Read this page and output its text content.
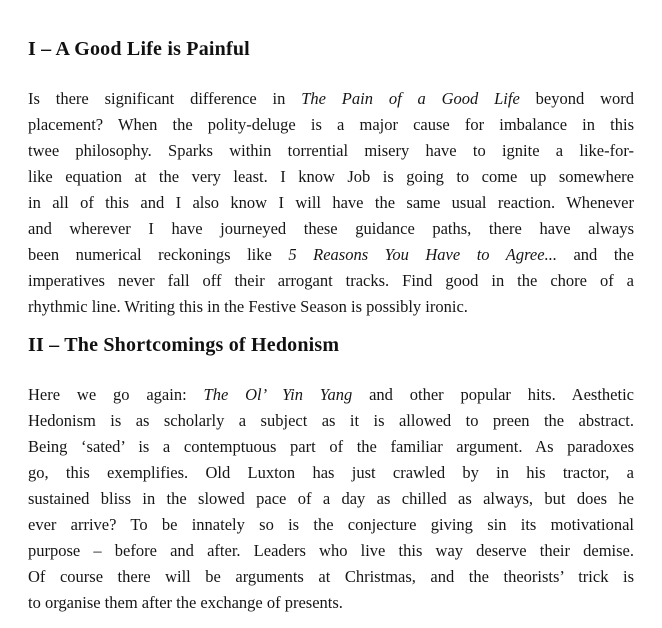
I – A Good Life is Painful
Is there significant difference in The Pain of a Good Life beyond word
placement? When the polity-deluge is a major cause for imbalance in this
twee philosophy. Sparks within torrential misery have to ignite a like-for-
like equation at the very least. I know Job is going to come up somewhere
in all of this and I also know I will have the same usual reaction. Whenever
and wherever I have journeyed these guidance paths, there have always
been numerical reckonings like 5 Reasons You Have to Agree... and the
imperatives never fall off their arrogant tracks. Find good in the chore of a
rhythmic line. Writing this in the Festive Season is possibly ironic.
II – The Shortcomings of Hedonism
Here we go again: The Ol’ Yin Yang and other popular hits. Aesthetic
Hedonism is as scholarly a subject as it is allowed to preen the abstract.
Being ‘sated’ is a contemptuous part of the familiar argument. As paradoxes
go, this exemplifies. Old Luxton has just crawled by in his tractor, a
sustained bliss in the slowed pace of a day as chilled as always, but does he
ever arrive? To be innately so is the conjecture giving sin its motivational
purpose – before and after. Leaders who live this way deserve their demise.
Of course there will be arguments at Christmas, and the theorists’ trick is
to organise them after the exchange of presents.
